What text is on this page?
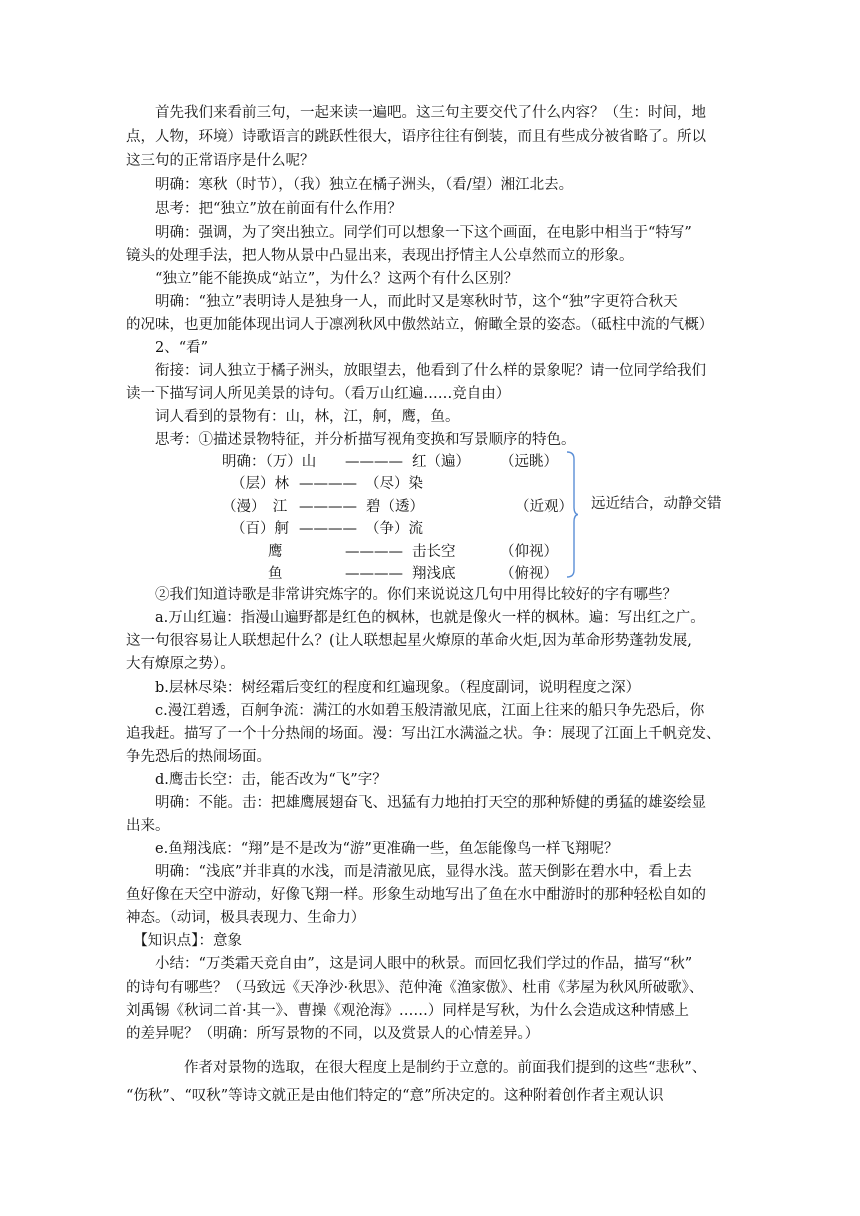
　　首先我们来看前三句，一起来读一遍吧。这三句主要交代了什么内容？（生：时间，地

点，人物，环境）诗歌语言的跳跃性很大，语序往往有倒装，而且有些成分被省略了。所以

这三句的正常语序是什么呢？

　　明确：寒秋（时节），（我）独立在橘子洲头，（看/望）湘江北去。

　　思考：把“独立”放在前面有什么作用？

　　明确：强调，为了突出独立。同学们可以想象一下这个画面，在电影中相当于“特写”

镜头的处理手法，把人物从景中凸显出来，表现出抒情主人公卓然而立的形象。

　　“独立”能不能换成“站立”，为什么？这两个有什么区别？

　　明确：“独立”表明诗人是独身一人，而此时又是寒秋时节，这个“独”字更符合秋天

的况味，也更加能体现出词人于凛冽秋风中傲然站立，俯瞰全景的姿态。（砥柱中流的气概）

　　2、“看”

　　衔接：词人独立于橘子洲头，放眼望去，他看到了什么样的景象呢？请一位同学给我们

读一下描写词人所见美景的诗句。（看万山红遍……竞自由）

　　词人看到的景物有：山，林，江，舸，鹰，鱼。

　　思考：①描述景物特征，并分析描写视角变换和写景顺序的特色。

明确：（万）山 ———— 红（遍） （远眺）
（层）林 ———— （尽）染
（漫）　江 ———— 碧（透）	（近观）
（百）舸 ———— （争）流
鹰	———— 击长空	（仰视）
鱼	———— 翔浅底	（俯视）
远近结合，动静交错

　　②我们知道诗歌是非常讲究炼字的。你们来说说这几句中用得比较好的字有哪些？

　　a.万山红遍：指漫山遍野都是红色的枫林，也就是像火一样的枫林。遍：写出红之广。

这一句很容易让人联想起什么？(让人联想起星火燎原的革命火炬,因为革命形势蓬勃发展,

大有燎原之势）。

　　b.层林尽染：树经霜后变红的程度和红遍现象。（程度副词，说明程度之深）

　　c.漫江碧透，百舸争流：满江的水如碧玉般清澈见底，江面上往来的船只争先恐后，你

追我赶。描写了一个十分热闹的场面。漫：写出江水满溢之状。争：展现了江面上千帆竞发、

争先恐后的热闹场面。

　　d.鹰击长空：击，能否改为“飞”字？

　　明确：不能。击：把雄鹰展翅奋飞、迅猛有力地拍打天空的那种矫健的勇猛的雄姿绘显

出来。

　　e.鱼翔浅底：“翔”是不是改为“游”更准确一些，鱼怎能像鸟一样飞翔呢？

　　明确：“浅底”并非真的水浅，而是清澈见底，显得水浅。蓝天倒影在碧水中，看上去

鱼好像在天空中游动，好像飞翔一样。形象生动地写出了鱼在水中酣游时的那种轻松自如的

神态。（动词，极具表现力、生命力）

　【知识点】：意象

　　小结：“万类霜天竞自由”，这是词人眼中的秋景。而回忆我们学过的作品，描写“秋”

的诗句有哪些？（马致远《天净沙·秋思》、范仲淹《渔家傲》、杜甫《茅屋为秋风所破歌》、

刘禹锡《秋词二首·其一》、曹操《观沧海》……）同样是写秋，为什么会造成这种情感上

的差异呢？（明确：所写景物的不同，以及赏景人的心情差异。）

　　　　作者对景物的选取，在很大程度上是制约于立意的。前面我们提到的这些“悲秋”、

“伤秋”、“叹秋”等诗文就正是由他们特定的“意”所决定的。这种附着创作者主观认识
